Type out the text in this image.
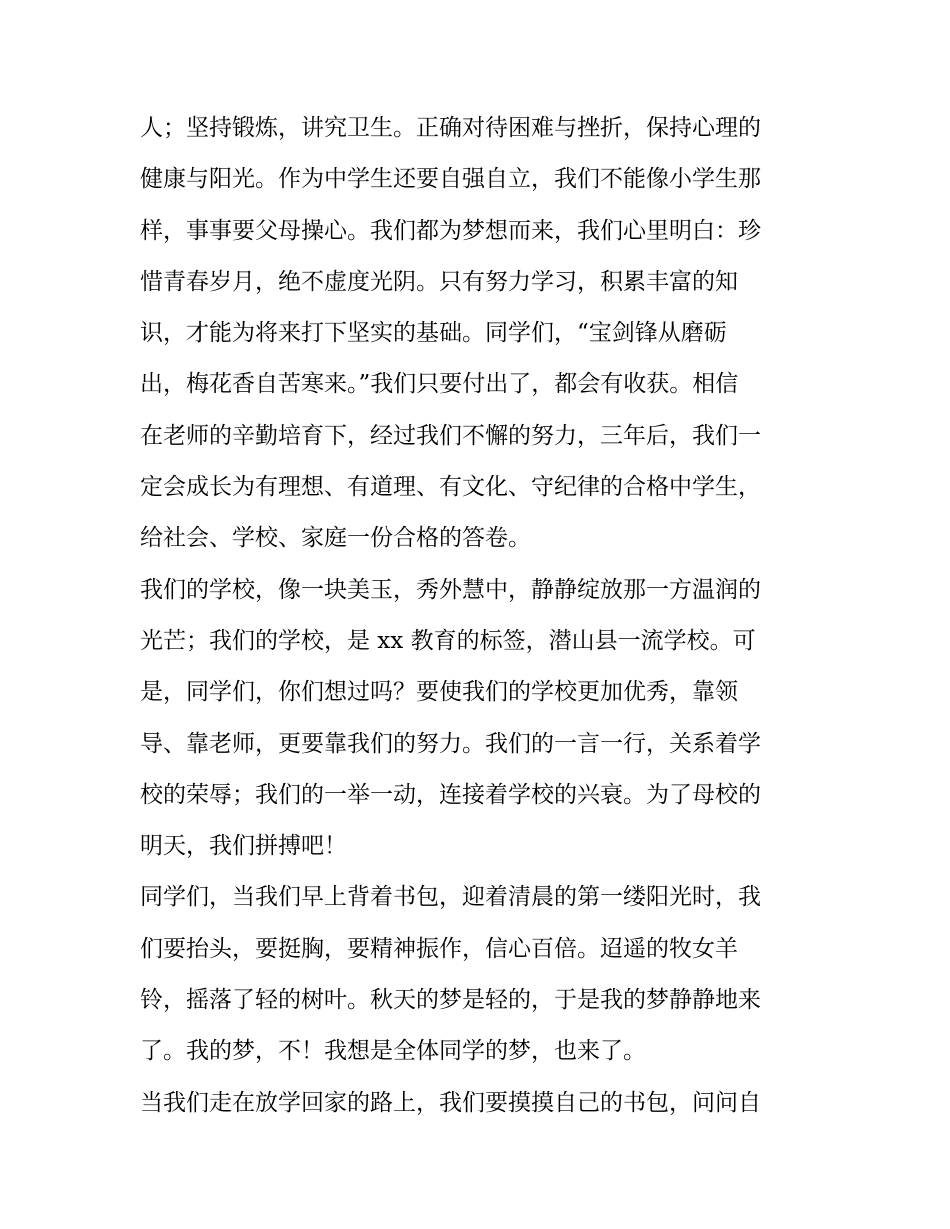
人；坚持锻炼，讲究卫生。正确对待困难与挫折，保持心理的
健康与阳光。作为中学生还要自强自立，我们不能像小学生那
样，事事要父母操心。我们都为梦想而来，我们心里明白：珍
惜青春岁月，绝不虚度光阴。只有努力学习，积累丰富的知
识，才能为将来打下坚实的基础。同学们，“宝剑锋从磨砺
出，梅花香自苦寒来。”我们只要付出了，都会有收获。相信
在老师的辛勤培育下，经过我们不懈的努力，三年后，我们一
定会成长为有理想、有道理、有文化、守纪律的合格中学生，
给社会、学校、家庭一份合格的答卷。
我们的学校，像一块美玉，秀外慧中，静静绽放那一方温润的
光芒；我们的学校，是 xx 教育的标签，潜山县一流学校。可
是，同学们，你们想过吗？要使我们的学校更加优秀，靠领
导、靠老师，更要靠我们的努力。我们的一言一行，关系着学
校的荣辱；我们的一举一动，连接着学校的兴衰。为了母校的
明天，我们拼搏吧！
同学们，当我们早上背着书包，迎着清晨的第一缕阳光时，我
们要抬头，要挺胸，要精神振作，信心百倍。迢遥的牧女羊
铃，摇落了轻的树叶。秋天的梦是轻的，于是我的梦静静地来
了。我的梦，不！我想是全体同学的梦，也来了。
当我们走在放学回家的路上，我们要摸摸自己的书包，问问自
